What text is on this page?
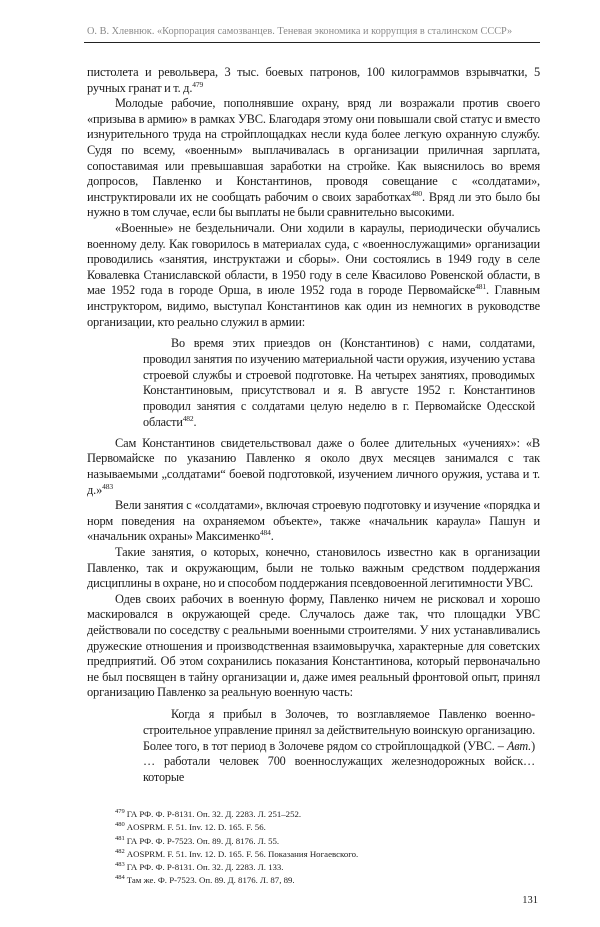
О. В. Хлевнюк. «Корпорация самозванцев. Теневая экономика и коррупция в сталинском СССР»

пистолета и револьвера, 3 тыс. боевых патронов, 100 килограммов взрывчатки, 5 ручных гранат и т. д.$^{479}$

Молодые рабочие, пополнявшие охрану, вряд ли возражали против своего «призыва в армию» в рамках УВС. Благодаря этому они повышали свой статус и вместо изнурительного труда на стройплощадках несли куда более легкую охранную службу. Судя по всему, «военным» выплачивалась в организации приличная зарплата, сопоставимая или превышавшая заработки на стройке. Как выяснилось во время допросов, Павленко и Константинов, проводя совещание с «солдатами», инструктировали их не сообщать рабочим о своих заработках$^{480}$. Вряд ли это было бы нужно в том случае, если бы выплаты не были сравнительно высокими.

«Военные» не бездельничали. Они ходили в караулы, периодически обучались военному делу. Как говорилось в материалах суда, с «военнослужащими» организации проводились «занятия, инструктажи и сборы». Они состоялись в 1949 году в селе Ковалевка Станиславской области, в 1950 году в селе Квасилово Ровенской области, в мае 1952 года в городе Орша, в июле 1952 года в городе Первомайске$^{481}$. Главным инструктором, видимо, выступал Константинов как один из немногих в руководстве организации, кто реально служил в армии:

Во время этих приездов он (Константинов) с нами, солдатами, проводил занятия по изучению материальной части оружия, изучению устава строевой службы и строевой подготовке. На четырех занятиях, проводимых Константиновым, присутствовал и я. В августе 1952 г. Константинов проводил занятия с солдатами целую неделю в г. Первомайске Одесской области$^{482}$.

Сам Константинов свидетельствовал даже о более длительных «учениях»: «В Первомайске по указанию Павленко я около двух месяцев занимался с так называемыми „солдатами“ боевой подготовкой, изучением личного оружия, устава и т. д.»$^{483}$

Вели занятия с «солдатами», включая строевую подготовку и изучение «порядка и норм поведения на охраняемом объекте», также «начальник караула» Пашун и «начальник охраны» Максименко$^{484}$.

Такие занятия, о которых, конечно, становилось известно как в организации Павленко, так и окружающим, были не только важным средством поддержания дисциплины в охране, но и способом поддержания псевдовоенной легитимности УВС.

Одев своих рабочих в военную форму, Павленко ничем не рисковал и хорошо маскировался в окружающей среде. Случалось даже так, что площадки УВС действовали по соседству с реальными военными строителями. У них устанавливались дружеские отношения и производственная взаимовыручка, характерные для советских предприятий. Об этом сохранились показания Константинова, который первоначально не был посвящен в тайну организации и, даже имея реальный фронтовой опыт, принял организацию Павленко за реальную военную часть:

Когда я прибыл в Золочев, то возглавляемое Павленко военно-строительное управление принял за действительную воинскую организацию. Более того, в тот период в Золочеве рядом со стройплощадкой (УВС. – Авт.) … работали человек 700 военнослужащих железнодорожных войск… которые

$^{479}$ ГА РФ. Ф. Р-8131. Оп. 32. Д. 2283. Л. 251–252.
$^{480}$ AOSPRM. F. 51. Inv. 12. D. 165. F. 56.
$^{481}$ ГА РФ. Ф. Р-7523. Оп. 89. Д. 8176. Л. 55.
$^{482}$ AOSPRM. F. 51. Inv. 12. D. 165. F. 56. Показания Ногаевского.
$^{483}$ ГА РФ. Ф. Р-8131. Оп. 32. Д. 2283. Л. 133.
$^{484}$ Там же. Ф. Р-7523. Оп. 89. Д. 8176. Л. 87, 89.
131
